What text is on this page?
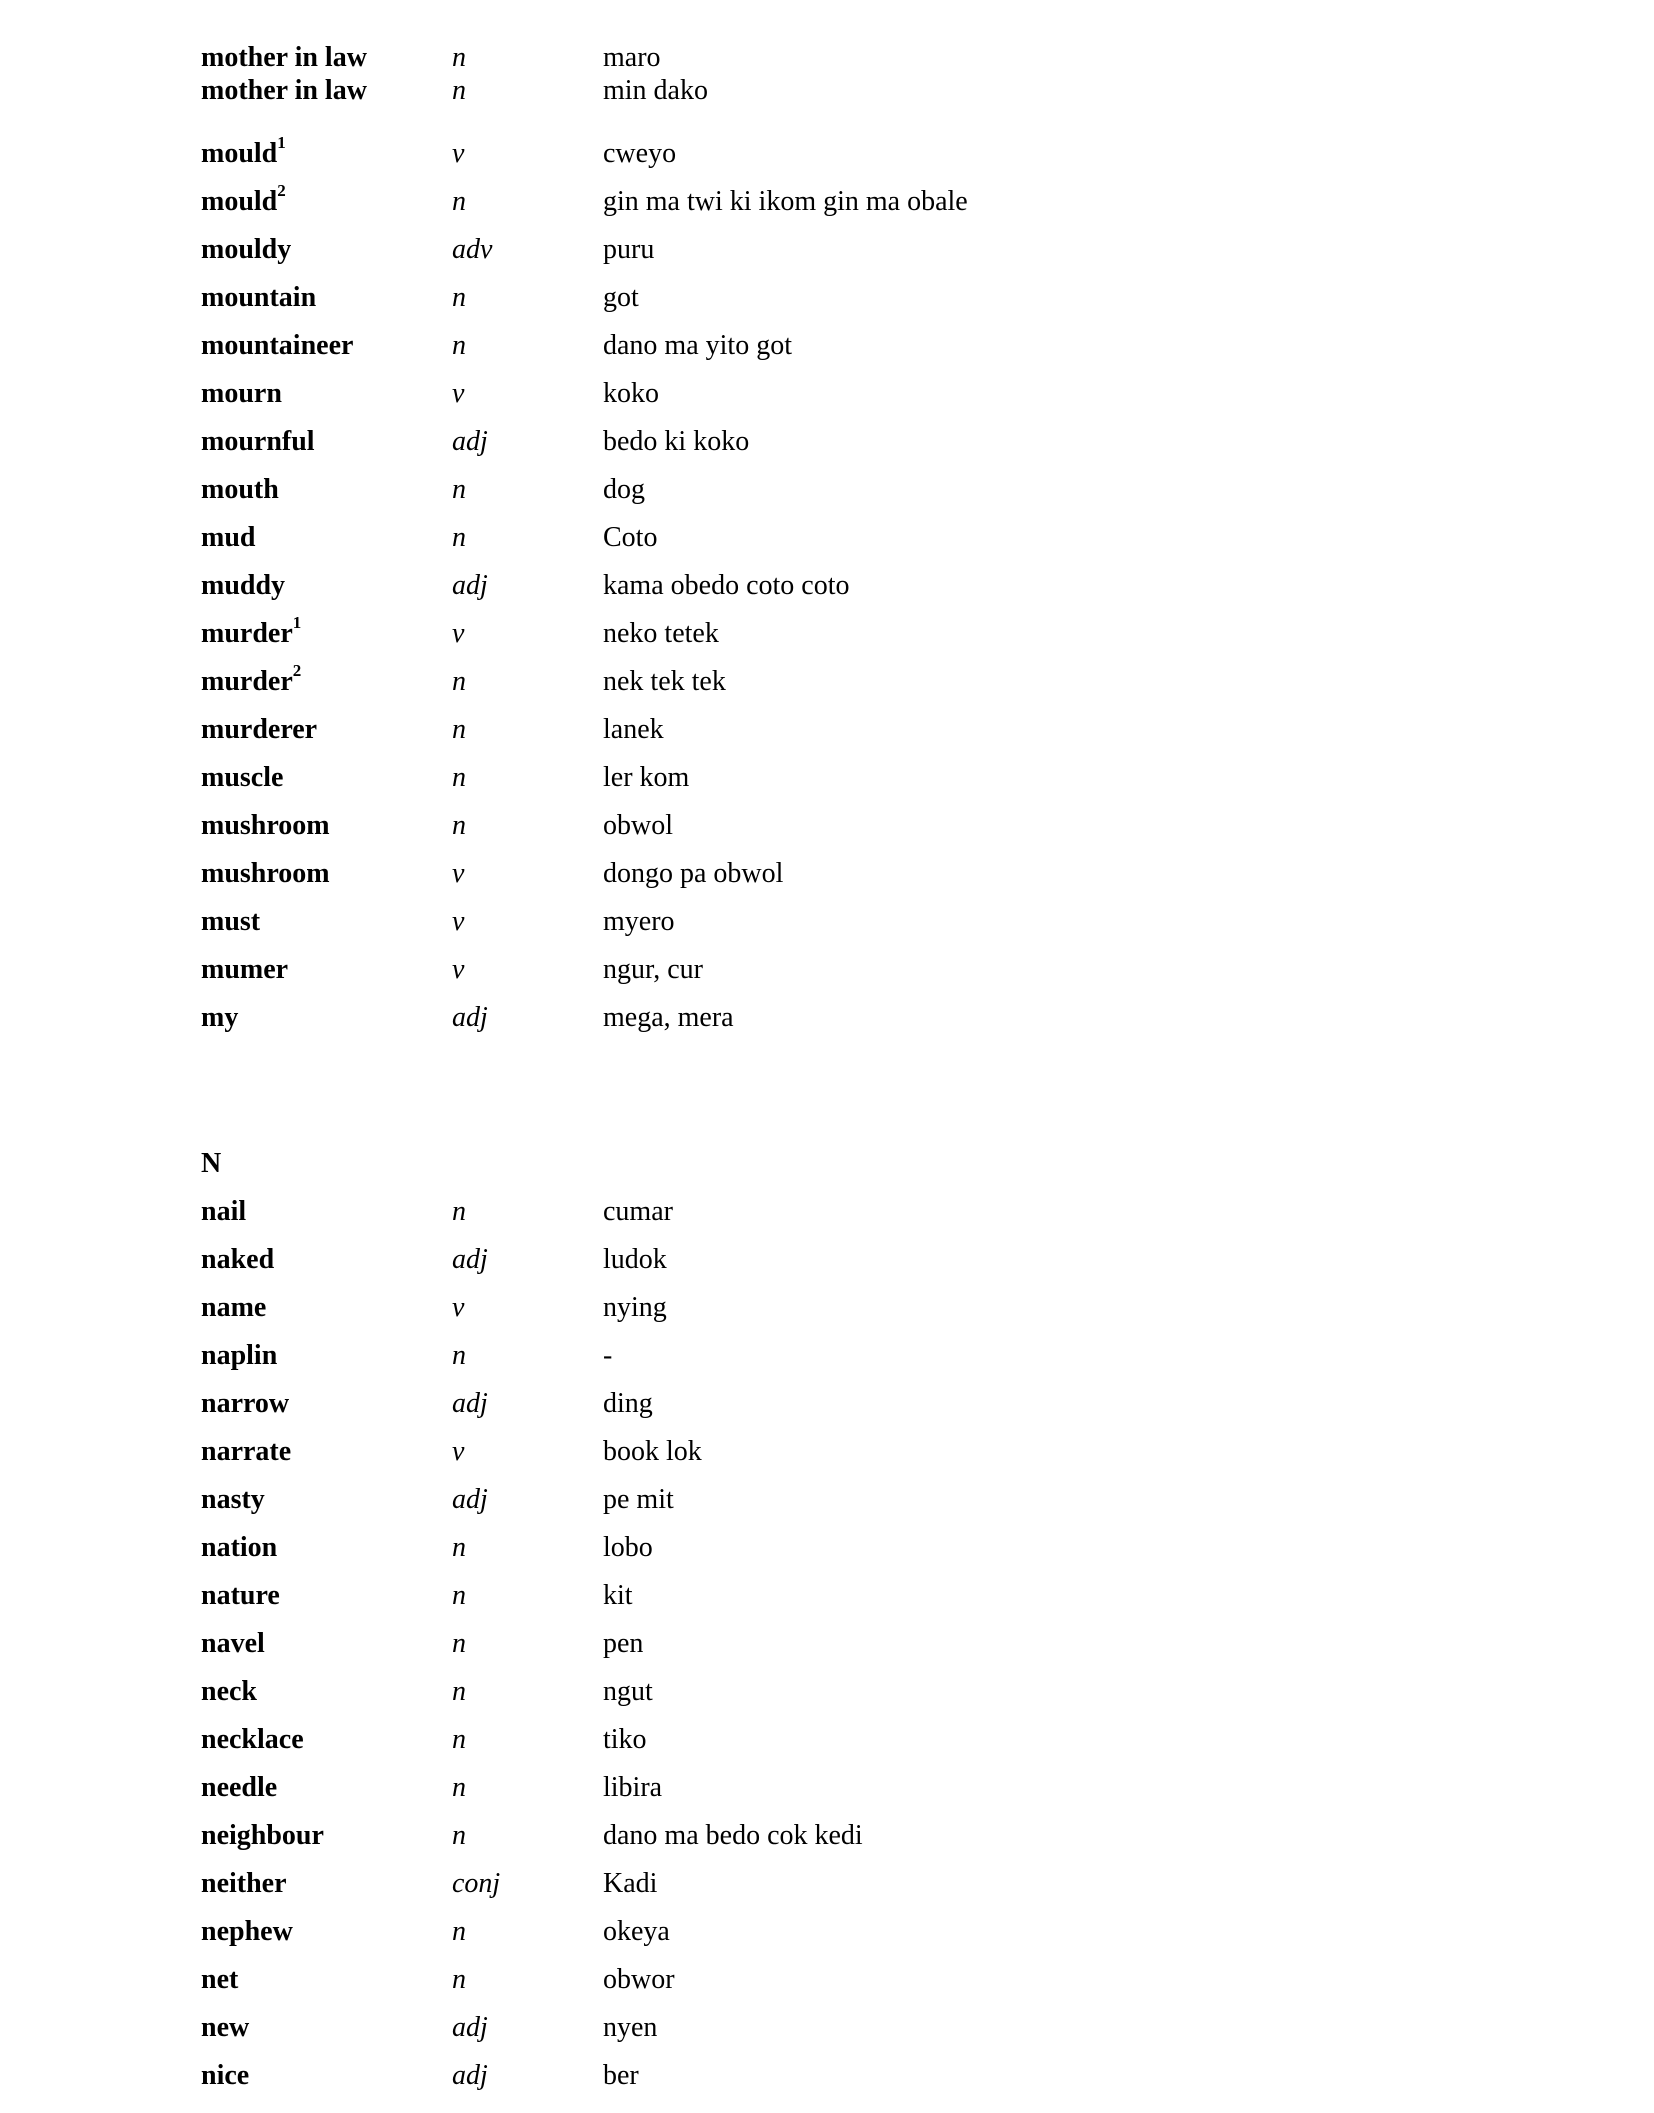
mother in law	n	maro
mother in law	n	min dako
mould$^1$	v	cweyo
mould$^2$	n	gin ma twi ki ikom gin ma obale
mouldy	adv	puru
mountain	n	got
mountaineer	n	dano ma yito got
mourn	v	koko
mournful	adj	bedo ki koko
mouth	n	dog
mud	n	Coto
muddy	adj	kama obedo coto coto
murder$^1$	v	neko tetek
murder$^2$	n	nek tek tek
murderer	n	lanek
muscle	n	ler kom
mushroom	n	obwol
mushroom	v	dongo pa obwol
must	v	myero
mumer	v	ngur, cur
my	adj	mega, mera
N
nail	n	cumar
naked	adj	ludok
name	v	nying
naplin	n	-
narrow	adj	ding
narrate	v	book lok
nasty	adj	pe mit
nation	n	lobo
nature	n	kit
navel	n	pen
neck	n	ngut
necklace	n	tiko
needle	n	libira
neighbour	n	dano ma bedo cok kedi
neither	conj	Kadi
nephew	n	okeya
net	n	obwor
new	adj	nyen
nice	adj	ber
